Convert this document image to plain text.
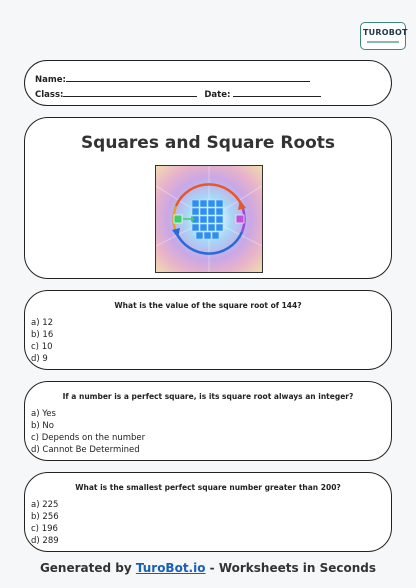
TUROBOT
Name:
Class:	Date:
Squares and Square Roots
What is the value of the square root of 144?
a) 12
b) 16
c) 10
d) 9
If a number is a perfect square, is its square root always an integer?
a) Yes
b) No
c) Depends on the number
d) Cannot Be Determined
What is the smallest perfect square number greater than 200?
a) 225
b) 256
c) 196
d) 289
Generated by TuroBot.io - Worksheets in Seconds
